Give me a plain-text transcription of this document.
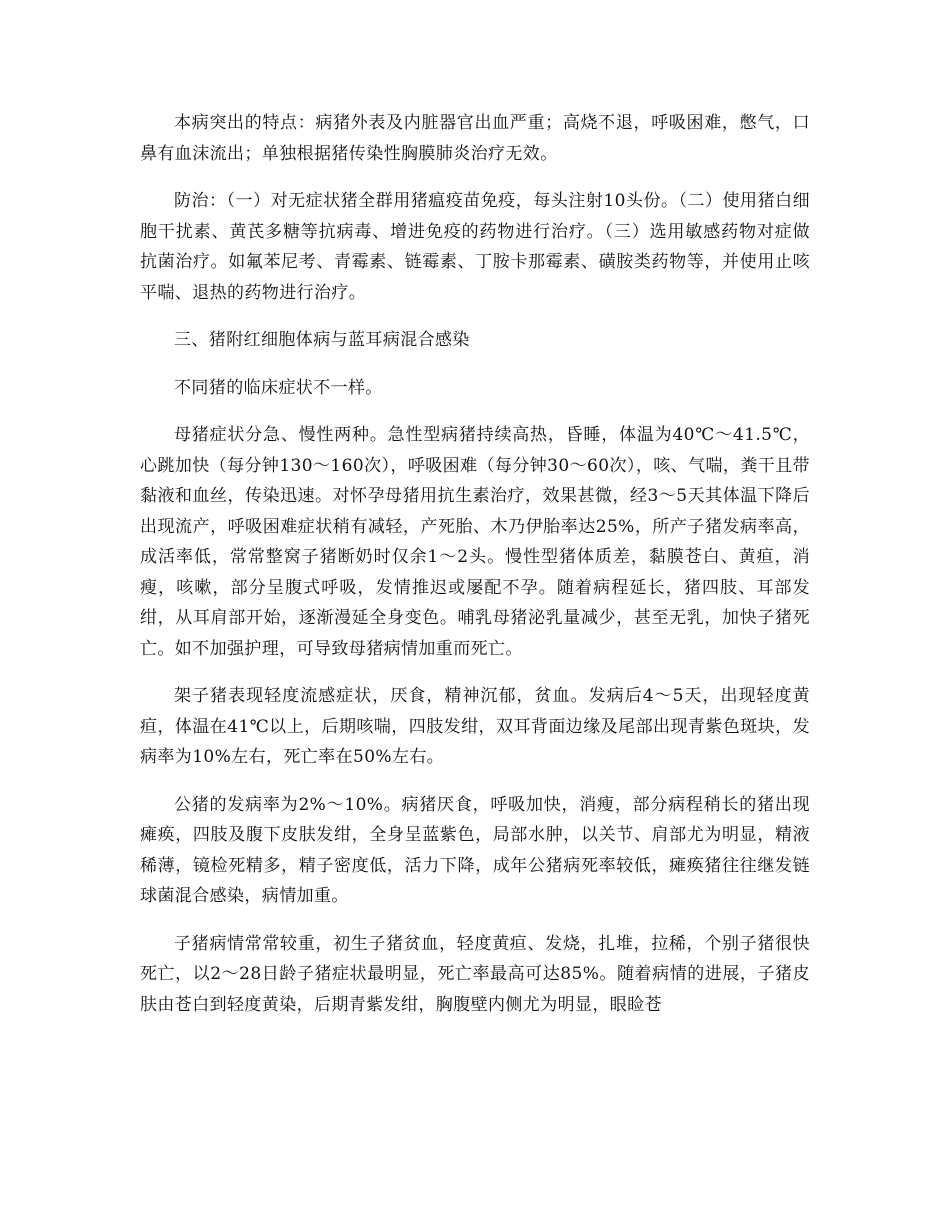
本病突出的特点：病猪外表及内脏器官出血严重；高烧不退，呼吸困难，憋气，口鼻有血沫流出；单独根据猪传染性胸膜肺炎治疗无效。

防治：（一）对无症状猪全群用猪瘟疫苗免疫，每头注射10头份。（二）使用猪白细胞干扰素、黄芪多糖等抗病毒、增进免疫的药物进行治疗。（三）选用敏感药物对症做抗菌治疗。如氟苯尼考、青霉素、链霉素、丁胺卡那霉素、磺胺类药物等，并使用止咳平喘、退热的药物进行治疗。

三、猪附红细胞体病与蓝耳病混合感染

不同猪的临床症状不一样。

母猪症状分急、慢性两种。急性型病猪持续高热，昏睡，体温为40℃～41.5℃，心跳加快（每分钟130～160次），呼吸困难（每分钟30～60次），咳、气喘，粪干且带黏液和血丝，传染迅速。对怀孕母猪用抗生素治疗，效果甚微，经3～5天其体温下降后出现流产，呼吸困难症状稍有减轻，产死胎、木乃伊胎率达25%，所产子猪发病率高，成活率低，常常整窝子猪断奶时仅余1～2头。慢性型猪体质差，黏膜苍白、黄疸，消瘦，咳嗽，部分呈腹式呼吸，发情推迟或屡配不孕。随着病程延长，猪四肢、耳部发绀，从耳肩部开始，逐渐漫延全身变色。哺乳母猪泌乳量减少，甚至无乳，加快子猪死亡。如不加强护理，可导致母猪病情加重而死亡。

架子猪表现轻度流感症状，厌食，精神沉郁，贫血。发病后4～5天，出现轻度黄疸，体温在41℃以上，后期咳喘，四肢发绀，双耳背面边缘及尾部出现青紫色斑块，发病率为10%左右，死亡率在50%左右。

公猪的发病率为2%～10%。病猪厌食，呼吸加快，消瘦，部分病程稍长的猪出现瘫痪，四肢及腹下皮肤发绀，全身呈蓝紫色，局部水肿，以关节、肩部尤为明显，精液稀薄，镜检死精多，精子密度低，活力下降，成年公猪病死率较低，瘫痪猪往往继发链球菌混合感染，病情加重。

子猪病情常常较重，初生子猪贫血，轻度黄疸、发烧，扎堆，拉稀，个别子猪很快死亡，以2～28日龄子猪症状最明显，死亡率最高可达85%。随着病情的进展，子猪皮肤由苍白到轻度黄染，后期青紫发绀，胸腹壁内侧尤为明显，眼睑苍
